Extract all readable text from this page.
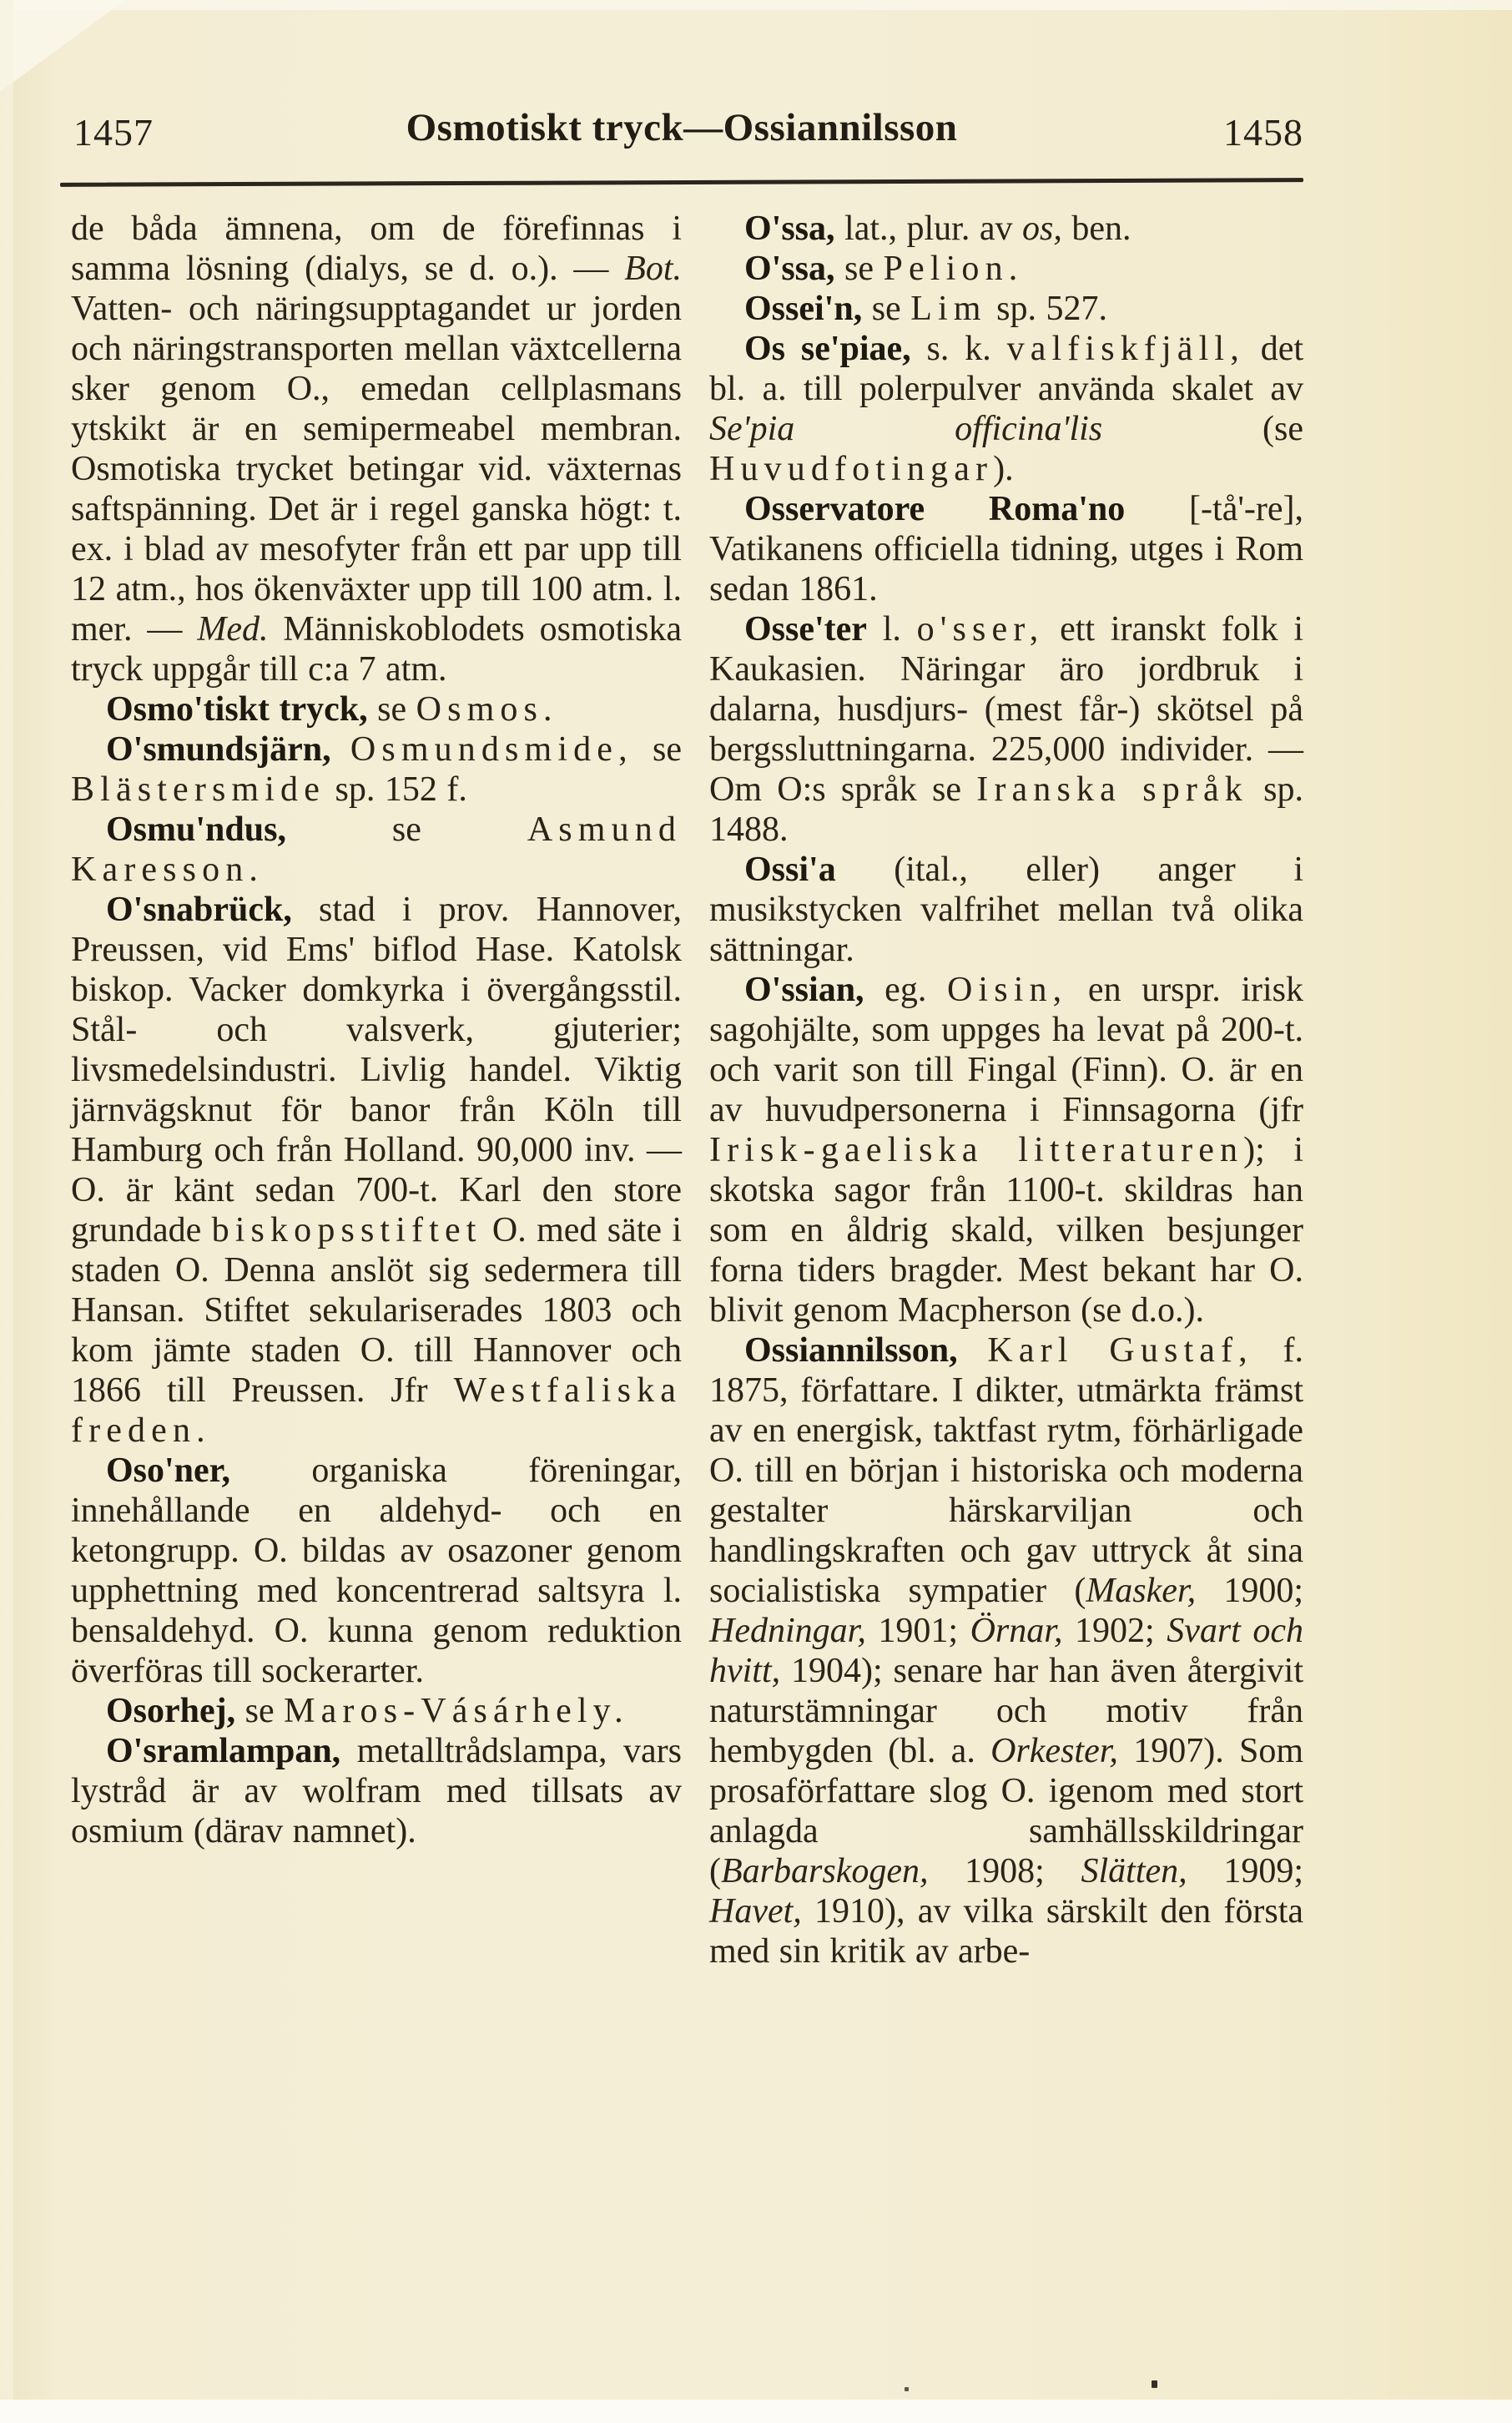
1457	Osmotiskt tryck—Ossiannilsson	1458

de båda ämnena, om de förefinnas i samma lösning (dialys, se d. o.). — Bot. Vatten- och näringsupptagandet ur jorden och näringstransporten mellan växtcellerna sker genom O., emedan cellplasmans ytskikt är en semipermeabel membran. Osmotiska trycket betingar vid. växternas saftspänning. Det är i regel ganska högt: t. ex. i blad av mesofyter från ett par upp till 12 atm., hos ökenväxter upp till 100 atm. l. mer. — Med. Människoblodets osmotiska tryck uppgår till c:a 7 atm.

Osmo'tiskt tryck, se Osmos.

O'smundsjärn, Osmundsmide, se Blästersmide sp. 152 f.

Osmu'ndus, se Asmund Karesson.

O'snabrück, stad i prov. Hannover, Preussen, vid Ems' biflod Hase. Katolsk biskop. Vacker domkyrka i övergångsstil. Stål- och valsverk, gjuterier; livsmedelsindustri. Livlig handel. Viktig järnvägsknut för banor från Köln till Hamburg och från Holland. 90,000 inv. — O. är känt sedan 700-t. Karl den store grundade biskopsstiftet O. med säte i staden O. Denna anslöt sig sedermera till Hansan. Stiftet sekulariserades 1803 och kom jämte staden O. till Hannover och 1866 till Preussen. Jfr Westfaliska freden.

Oso'ner, organiska föreningar, innehållande en aldehyd- och en ketongrupp. O. bildas av osazoner genom upphettning med koncentrerad saltsyra l. bensaldehyd. O. kunna genom reduktion överföras till sockerarter.

Osorhej, se Maros-Vásárhely.

O'sramlampan, metalltrådslampa, vars lystråd är av wolfram med tillsats av osmium (därav namnet).

O'ssa, lat., plur. av os, ben.

O'ssa, se Pelion.

Ossei'n, se Lim sp. 527.

Os se'piae, s. k. valfiskfjäll, det bl. a. till polerpulver använda skalet av Se'pia officina'lis (se Huvudfotingar).

Osservatore Roma'no [-tå'-re], Vatikanens officiella tidning, utges i Rom sedan 1861.

Osse'ter l. o'sser, ett iranskt folk i Kaukasien. Näringar äro jordbruk i dalarna, husdjurs- (mest får-) skötsel på bergssluttningarna. 225,000 individer. — Om O:s språk se Iranska språk sp. 1488.

Ossi'a (ital., eller) anger i musikstycken valfrihet mellan två olika sättningar.

O'ssian, eg. Oisin, en urspr. irisk sagohjälte, som uppges ha levat på 200-t. och varit son till Fingal (Finn). O. är en av huvudpersonerna i Finnsagorna (jfr Irisk-gaeliska litteraturen); i skotska sagor från 1100-t. skildras han som en åldrig skald, vilken besjunger forna tiders bragder. Mest bekant har O. blivit genom Macpherson (se d.o.).

Ossiannilsson, Karl Gustaf, f. 1875, författare. I dikter, utmärkta främst av en energisk, taktfast rytm, förhärligade O. till en början i historiska och moderna gestalter härskarviljan och handlingskraften och gav uttryck åt sina socialistiska sympatier (Masker, 1900; Hedningar, 1901; Örnar, 1902; Svart och hvitt, 1904); senare har han även återgivit naturstämningar och motiv från hembygden (bl. a. Orkester, 1907). Som prosaförfattare slog O. igenom med stort anlagda samhällsskildringar (Barbarskogen, 1908; Slätten, 1909; Havet, 1910), av vilka särskilt den första med sin kritik av arbe-
